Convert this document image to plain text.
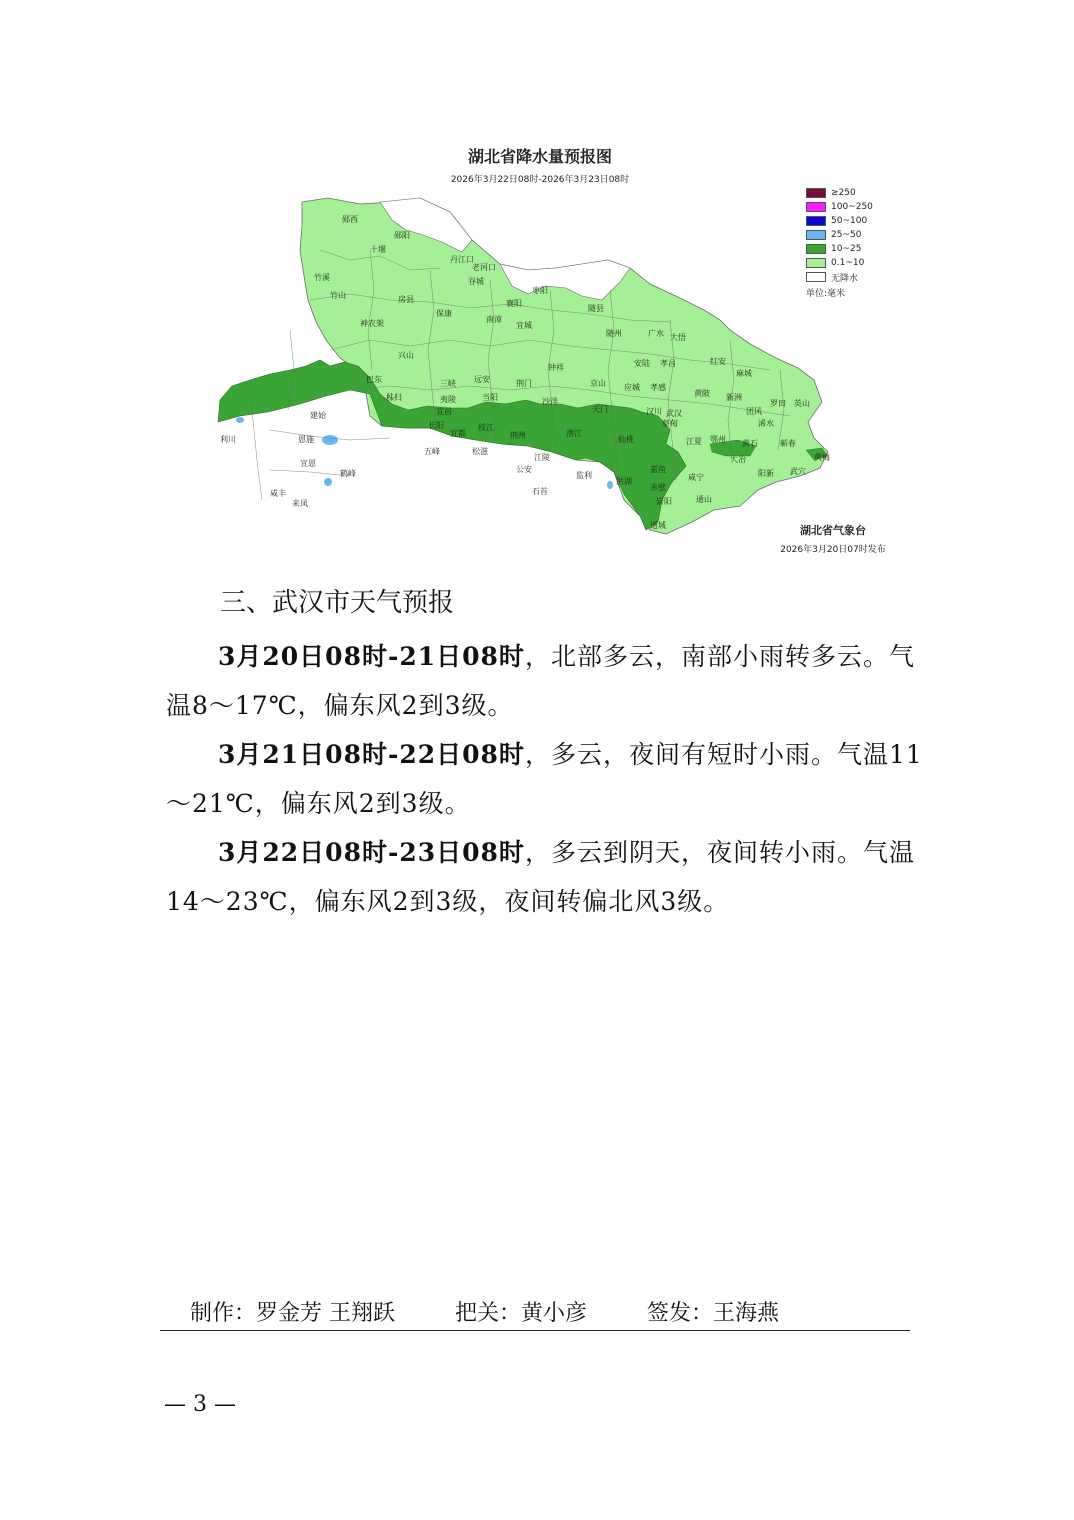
湖北省降水量预报图
2026年3月22日08时-2026年3月23日08时
郧西
郧阳
十堰
丹江口
老河口
谷城
枣阳
随县
竹溪
竹山	房县
保康
南漳
襄阳
宜城
随州	广水 大悟
神农架
兴山
钟祥
京山
安陆 孝昌	红安
麻城
巴东	三峡 远安	荆门	应城 孝感
黄陂 新洲
罗田 英山
秭归	夷陵	当阳	沙洋
天门	汉川 武汉	团风
建始
长阳
宜昌
宜都
枝江
荆州	潜江
仙桃
蔡甸
鄂州 黄石
浠水
蕲春
利川	恩施
五峰	松滋
江陵
监利
嘉鱼
江夏
大冶
阳新 武穴
黄梅
宣恩
鹤峰	公安
石首
洪湖	咸宁
赤壁
崇阳	通山
咸丰
来凤
通城
≥250
100~250
50~100
25~50
10~25
0.1~10
无降水
单位:毫米
湖北省气象台
2026年3月20日07时发布
三、武汉市天气预报

3月20日08时-21日08时，北部多云，南部小雨转多云。气温8～17℃，偏东风2到3级。

3月21日08时-22日08时，多云，夜间有短时小雨。气温11～21℃，偏东风2到3级。

3月22日08时-23日08时，多云到阴天，夜间转小雨。气温14～23℃，偏东风2到3级，夜间转偏北风3级。

制作：罗金芳 王翔跃	把关：黄小彦	签发：王海燕
— 3 —
